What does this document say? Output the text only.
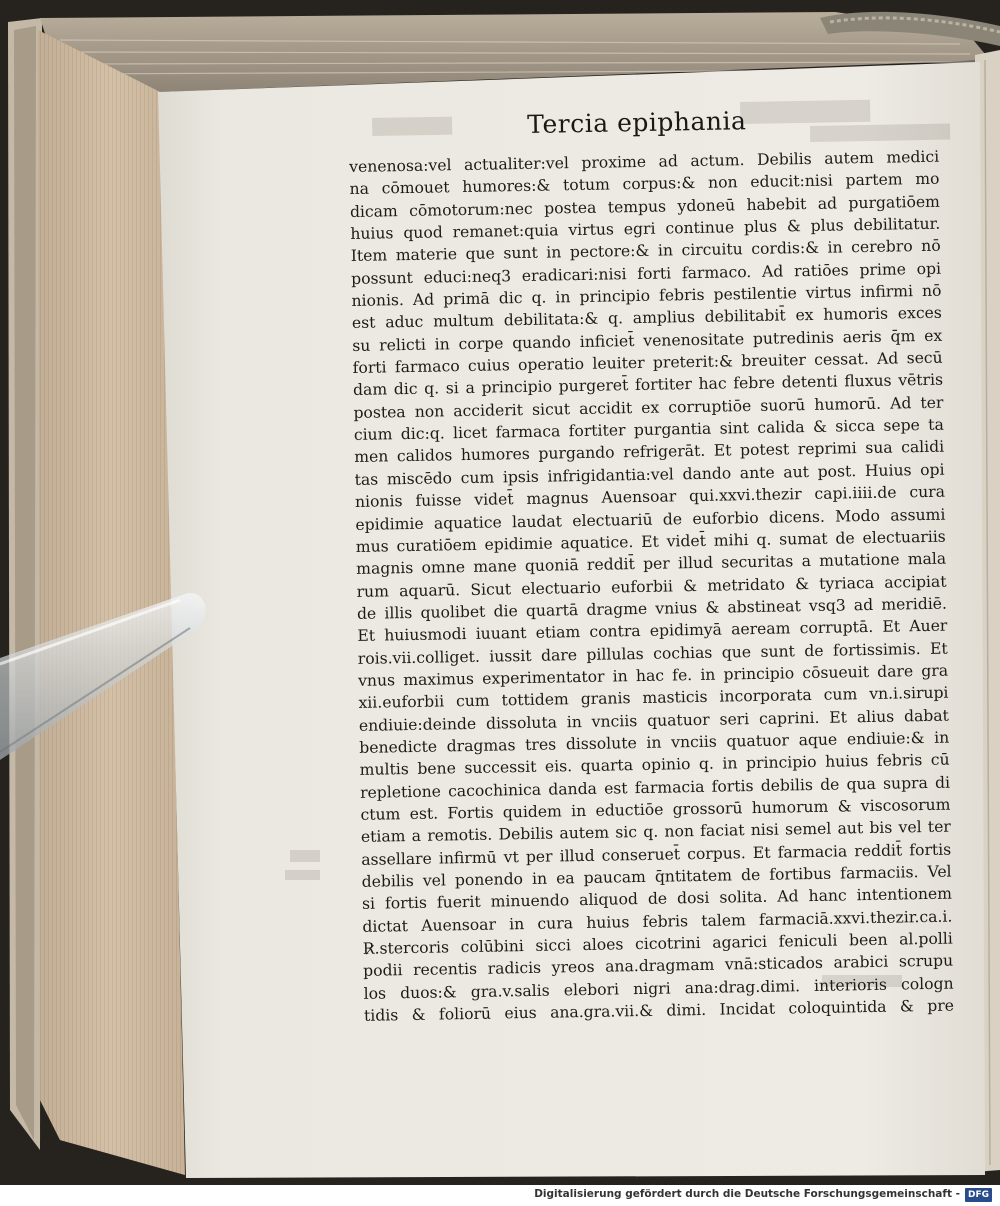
Tercia epiphania
venenosa:vel actualiter:vel proxime ad actum. Debilis autem medici
na cōmouet humores:& totum corpus:& non educit:nisi partem mo
dicam cōmotorum:nec postea tempus ydoneū habebit ad purgatiōem
huius quod remanet:quia virtus egri continue plus & plus debilitatur.
Item materie que sunt in pectore:& in circuitu cordis:& in cerebro nō
possunt educi:neq3 eradicari:nisi forti farmaco. Ad ratiōes prime opi
nionis. Ad primā dic q. in principio febris pestilentie virtus infirmi nō
est aduc multum debilitata:& q. amplius debilitabit̄ ex humoris exces
su relicti in corpe quando inficiet̄ venenositate putredinis aeris q̄m ex
forti farmaco cuius operatio leuiter preterit:& breuiter cessat. Ad secū
dam dic q. si a principio purgeret̄ fortiter hac febre detenti fluxus vētris
postea non acciderit sicut accidit ex corruptiōe suorū humorū. Ad ter
cium dic:q. licet farmaca fortiter purgantia sint calida & sicca sepe ta
men calidos humores purgando refrigerāt. Et potest reprimi sua calidi
tas miscēdo cum ipsis infrigidantia:vel dando ante aut post. Huius opi
nionis fuisse videt̄ magnus Auensoar qui.xxvi.thezir capi.iiii.de cura
epidimie aquatice laudat electuariū de euforbio dicens. Modo assumi
mus curatiōem epidimie aquatice. Et videt̄ mihi q. sumat de electuariis
magnis omne mane quoniā reddit̄ per illud securitas a mutatione mala
rum aquarū. Sicut electuario euforbii & metridato & tyriaca accipiat
de illis quolibet die quartā dragme vnius & abstineat vsq3 ad meridiē.
Et huiusmodi iuuant etiam contra epidimyā aeream corruptā. Et Auer
rois.vii.colliget. iussit dare pillulas cochias que sunt de fortissimis. Et
vnus maximus experimentator in hac fe. in principio cōsueuit dare gra
xii.euforbii cum tottidem granis masticis incorporata cum vn.i.sirupi
endiuie:deinde dissoluta in vnciis quatuor seri caprini. Et alius dabat
benedicte dragmas tres dissolute in vnciis quatuor aque endiuie:& in
multis bene successit eis. quarta opinio q. in principio huius febris cū
repletione cacochinica danda est farmacia fortis debilis de qua supra di
ctum est. Fortis quidem in eductiōe grossorū humorum & viscosorum
etiam a remotis. Debilis autem sic q. non faciat nisi semel aut bis vel ter
assellare infirmū vt per illud conseruet̄ corpus. Et farmacia reddit̄ fortis
debilis vel ponendo in ea paucam q̄ntitatem de fortibus farmaciis. Vel
si fortis fuerit minuendo aliquod de dosi solita. Ad hanc intentionem
dictat Auensoar in cura huius febris talem farmaciā.xxvi.thezir.ca.i.
R̷.stercoris colūbini sicci aloes cicotrini agarici feniculi been al.polli
podii recentis radicis yreos ana.dragmam vnā:sticados arabici scrupu
los duos:& gra.v.salis elebori nigri ana:drag.dimi. interioris cologn
tidis & foliorū eius ana.gra.vii.& dimi. Incidat coloquintida & pre
Digitalisierung gefördert durch die Deutsche Forschungsgemeinschaft - DFG
